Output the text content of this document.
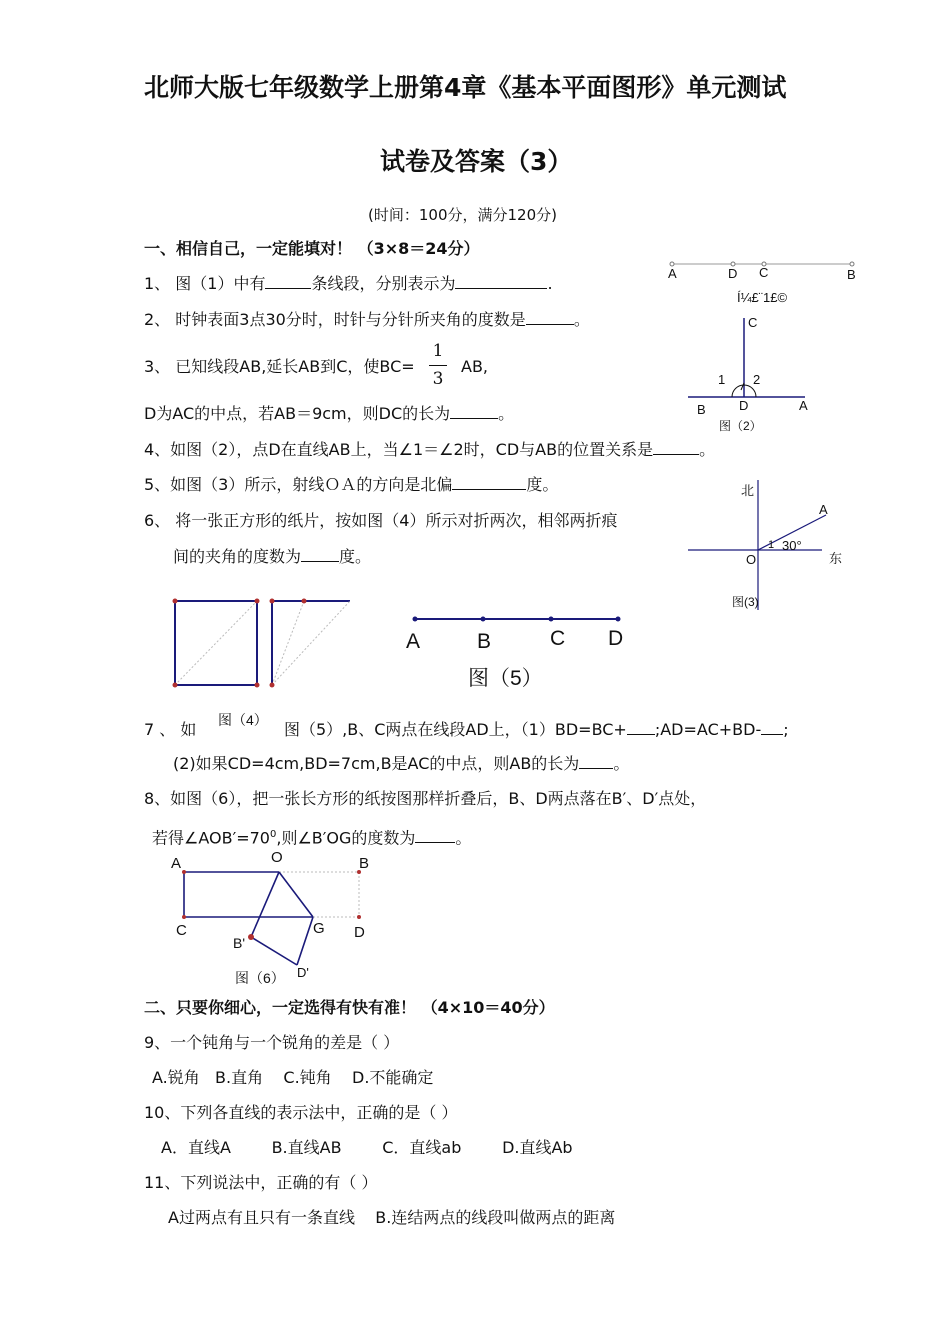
北师大版七年级数学上册第4章《基本平面图形》单元测试
试卷及答案（3）
(时间：100分，满分120分)
一、相信自己，一定能填对！ （3×8＝24分）
1、 图（1）中有	条线段，分别表示为	.
2、 时钟表面3点30分时，时针与分针所夹角的度数是	。
3、 已知线段AB,延长AB到C，使BC=
1
3
AB,
D为AC的中点，若AB＝9cm，则DC的长为	。
4、如图（2），点D在直线AB上，当∠1＝∠2时，CD与AB的位置关系是	。
5、如图（3）所示，射线ＯＡ的方向是北偏	度。
6、 将一张正方形的纸片，按如图（4）所示对折两次，相邻两折痕
间的夹角的度数为 度。
A	D C	B
Í¼£¨1£©
C
1 2
B	D	A
图（2）
北
A
1 30°
O	东
图(3)
图（4）
A	B	C D
图（5）
7 、 如	图（5）,B、C两点在线段AD上，（1）BD=BC+ ;AD=AC+BD- ;
(2)如果CD=4cm,BD=7cm,B是AC的中点，则AB的长为 。
8、如图（6），把一张长方形的纸按图那样折叠后，B、D两点落在B′、D′点处，
若得$\angle AOB'=70^0$,则∠B′OG的度数为	。
A	O	B
C	G D
B'
D'
图（6）
二、只要你细心，一定选得有快有准！ （4×10＝40分）
9、一个钝角与一个锐角的差是（ ）
A.锐角   B.直角    C.钝角    D.不能确定
10、下列各直线的表示法中，正确的是（ ）
A．直线A        B.直线AB        C．直线ab        D.直线Ab
11、下列说法中，正确的有（ ）
A过两点有且只有一条直线    B.连结两点的线段叫做两点的距离
